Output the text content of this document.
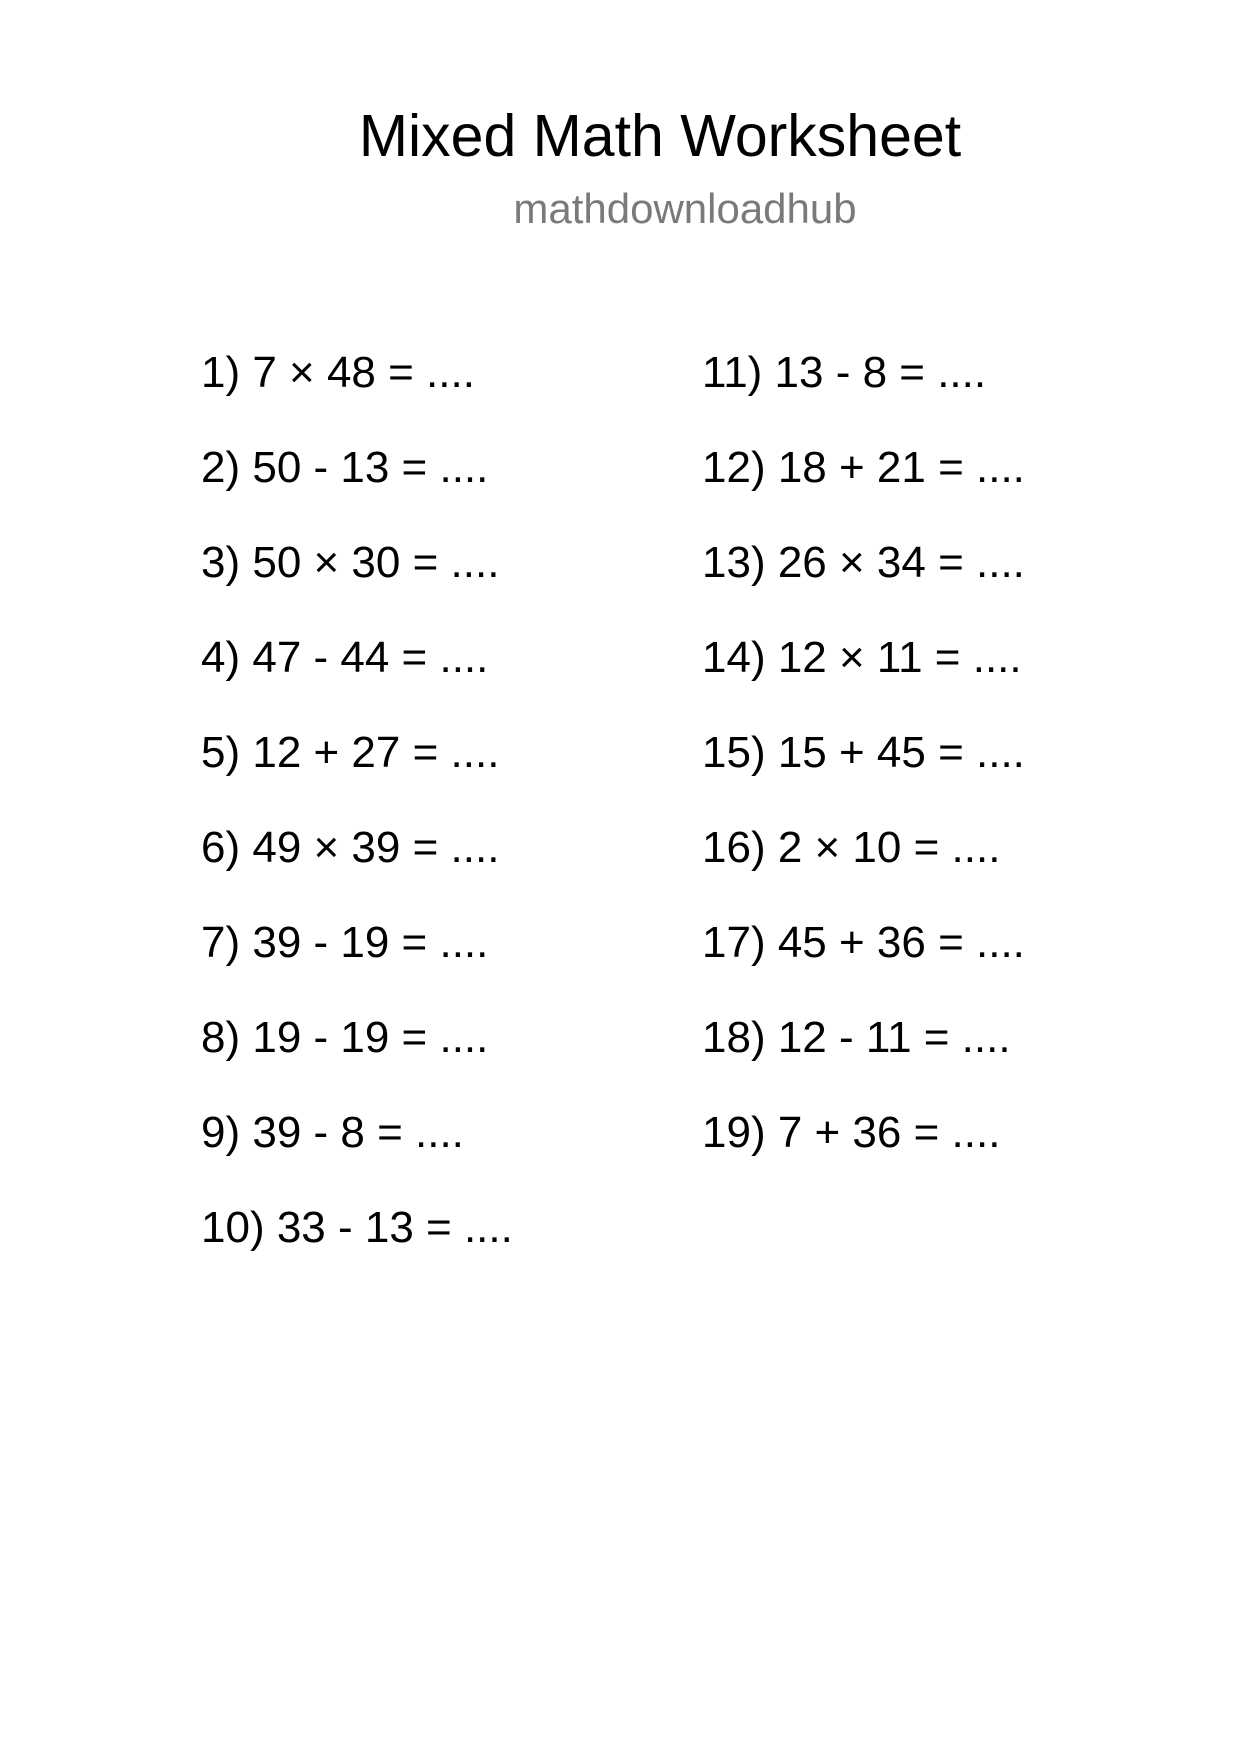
Mixed Math Worksheet
mathdownloadhub
1) 7 × 48 = ....
2) 50 - 13 = ....
3) 50 × 30 = ....
4) 47 - 44 = ....
5) 12 + 27 = ....
6) 49 × 39 = ....
7) 39 - 19 = ....
8) 19 - 19 = ....
9) 39 - 8 = ....
10) 33 - 13 = ....
11) 13 - 8 = ....
12) 18 + 21 = ....
13) 26 × 34 = ....
14) 12 × 11 = ....
15) 15 + 45 = ....
16) 2 × 10 = ....
17) 45 + 36 = ....
18) 12 - 11 = ....
19) 7 + 36 = ....
